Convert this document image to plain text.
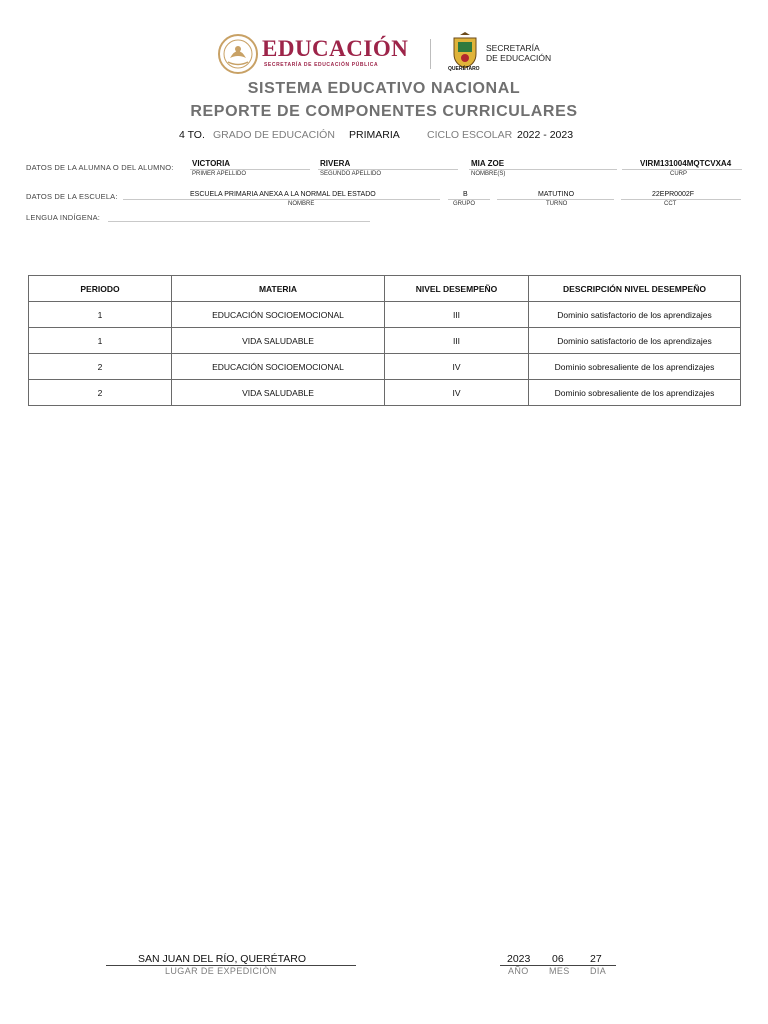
EDUCACIÓN
SECRETARÍA DE EDUCACIÓN PÚBLICA
QUERÉTARO
SECRETARÍA
DE EDUCACIÓN
SISTEMA EDUCATIVO NACIONAL
REPORTE DE COMPONENTES CURRICULARES
4 TO. GRADO DE EDUCACIÓN PRIMARIA	CICLO ESCOLAR 2022 - 2023
DATOS DE LA ALUMNA O DEL ALUMNO: VICTORIA
PRIMER APELLIDO
RIVERA
SEGUNDO APELLIDO
MIA ZOE
NOMBRE(S)
VIRM131004MQTCVXA4
CURP
DATOS DE LA ESCUELA:	ESCUELA PRIMARIA ANEXA A LA NORMAL DEL ESTADO
NOMBRE
B
GRUPO
MATUTINO
TURNO
22EPR0002F
CCT
LENGUA INDÍGENA:
PERIODO	MATERIA	NIVEL DESEMPEÑO	DESCRIPCIÓN NIVEL DESEMPEÑO
1	EDUCACIÓN SOCIOEMOCIONAL	III	Dominio satisfactorio de los aprendizajes
1	VIDA SALUDABLE	III	Dominio satisfactorio de los aprendizajes
2	EDUCACIÓN SOCIOEMOCIONAL	IV	Dominio sobresaliente de los aprendizajes
2	VIDA SALUDABLE	IV	Dominio sobresaliente de los aprendizajes
SAN JUAN DEL RÍO, QUERÉTARO
LUGAR DE EXPEDICIÓN
2023 06	27
AÑO MES DIA
